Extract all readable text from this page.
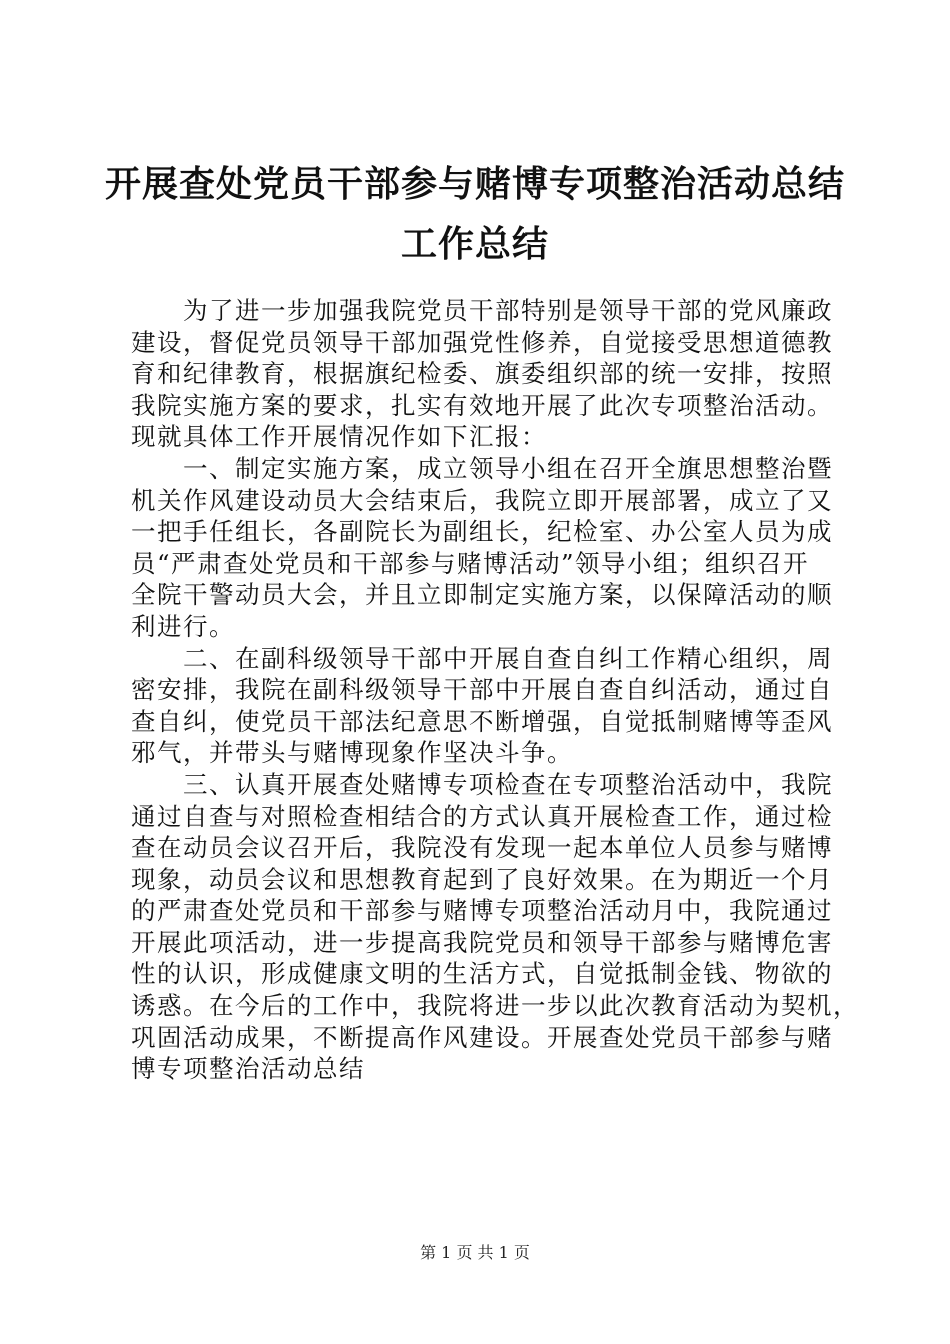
开展查处党员干部参与赌博专项整治活动总结
工作总结
为了进一步加强我院党员干部特别是领导干部的党风廉政
建设，督促党员领导干部加强党性修养，自觉接受思想道德教
育和纪律教育，根据旗纪检委、旗委组织部的统一安排，按照
我院实施方案的要求，扎实有效地开展了此次专项整治活动。
现就具体工作开展情况作如下汇报：
一、制定实施方案，成立领导小组在召开全旗思想整治暨
机关作风建设动员大会结束后，我院立即开展部署，成立了又
一把手任组长，各副院长为副组长，纪检室、办公室人员为成
员“严肃查处党员和干部参与赌博活动”领导小组；组织召开
全院干警动员大会，并且立即制定实施方案，以保障活动的顺
利进行。
二、在副科级领导干部中开展自查自纠工作精心组织，周
密安排，我院在副科级领导干部中开展自查自纠活动，通过自
查自纠，使党员干部法纪意思不断增强，自觉抵制赌博等歪风
邪气，并带头与赌博现象作坚决斗争。
三、认真开展查处赌博专项检查在专项整治活动中，我院
通过自查与对照检查相结合的方式认真开展检查工作，通过检
查在动员会议召开后，我院没有发现一起本单位人员参与赌博
现象，动员会议和思想教育起到了良好效果。在为期近一个月
的严肃查处党员和干部参与赌博专项整治活动月中，我院通过
开展此项活动，进一步提高我院党员和领导干部参与赌博危害
性的认识，形成健康文明的生活方式，自觉抵制金钱、物欲的
诱惑。在今后的工作中，我院将进一步以此次教育活动为契机，
巩固活动成果，不断提高作风建设。开展查处党员干部参与赌
博专项整治活动总结
第 1 页 共 1 页
